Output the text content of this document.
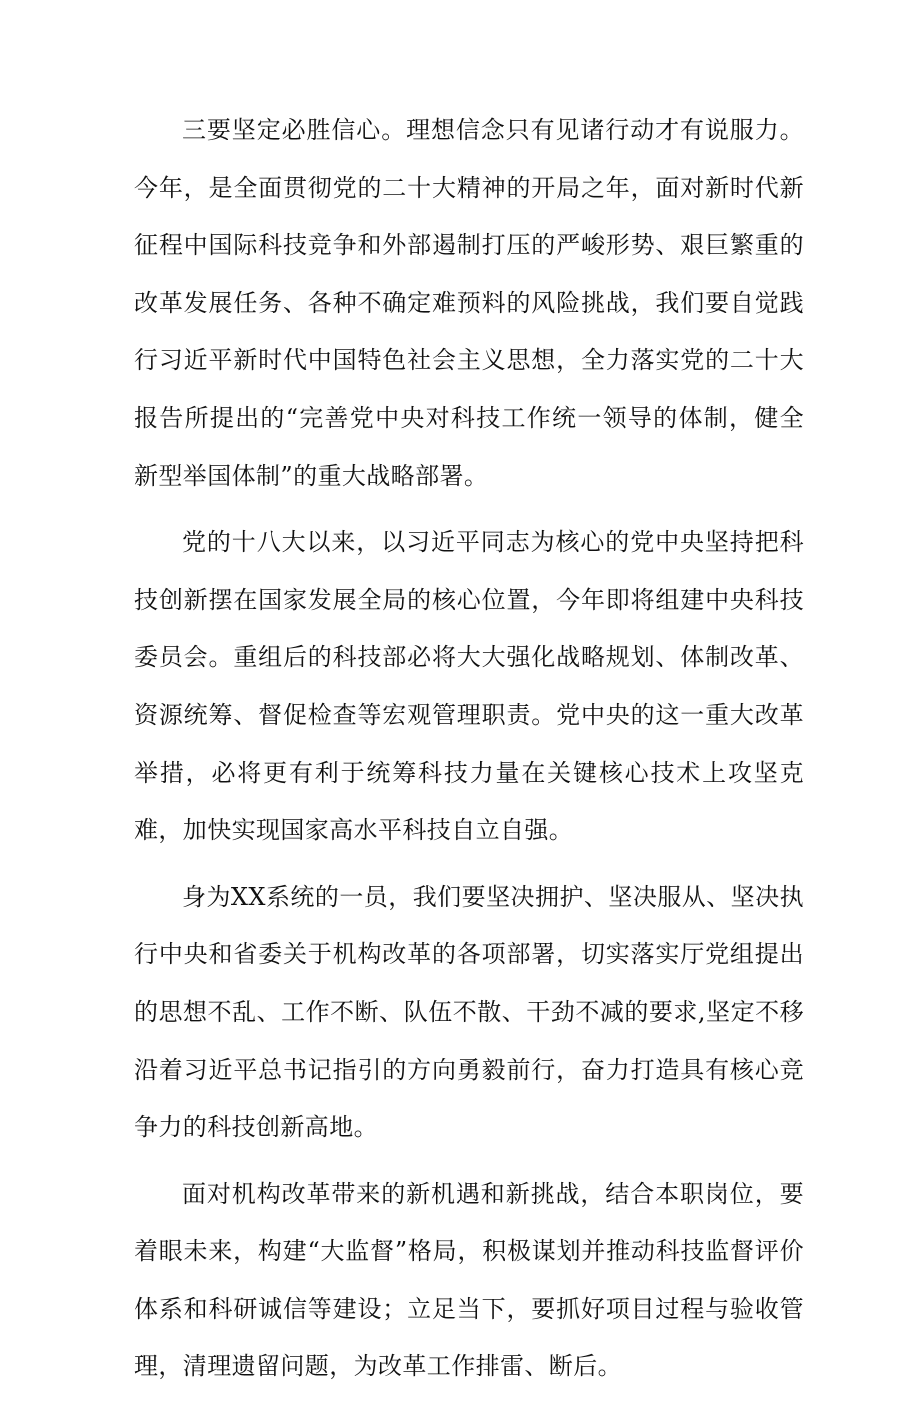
三要坚定必胜信心。理想信念只有见诸行动才有说服力。今年，是全面贯彻党的二十大精神的开局之年，面对新时代新征程中国际科技竞争和外部遏制打压的严峻形势、艰巨繁重的改革发展任务、各种不确定难预料的风险挑战，我们要自觉践行习近平新时代中国特色社会主义思想，全力落实党的二十大报告所提出的“完善党中央对科技工作统一领导的体制，健全新型举国体制”的重大战略部署。

党的十八大以来，以习近平同志为核心的党中央坚持把科技创新摆在国家发展全局的核心位置，今年即将组建中央科技委员会。重组后的科技部必将大大强化战略规划、体制改革、资源统筹、督促检查等宏观管理职责。党中央的这一重大改革举措，必将更有利于统筹科技力量在关键核心技术上攻坚克难，加快实现国家高水平科技自立自强。

身为XX系统的一员，我们要坚决拥护、坚决服从、坚决执行中央和省委关于机构改革的各项部署，切实落实厅党组提出的思想不乱、工作不断、队伍不散、干劲不减的要求,坚定不移沿着习近平总书记指引的方向勇毅前行，奋力打造具有核心竞争力的科技创新高地。

面对机构改革带来的新机遇和新挑战，结合本职岗位，要着眼未来，构建“大监督”格局，积极谋划并推动科技监督评价体系和科研诚信等建设；立足当下，要抓好项目过程与验收管理，清理遗留问题，为改革工作排雷、断后。
